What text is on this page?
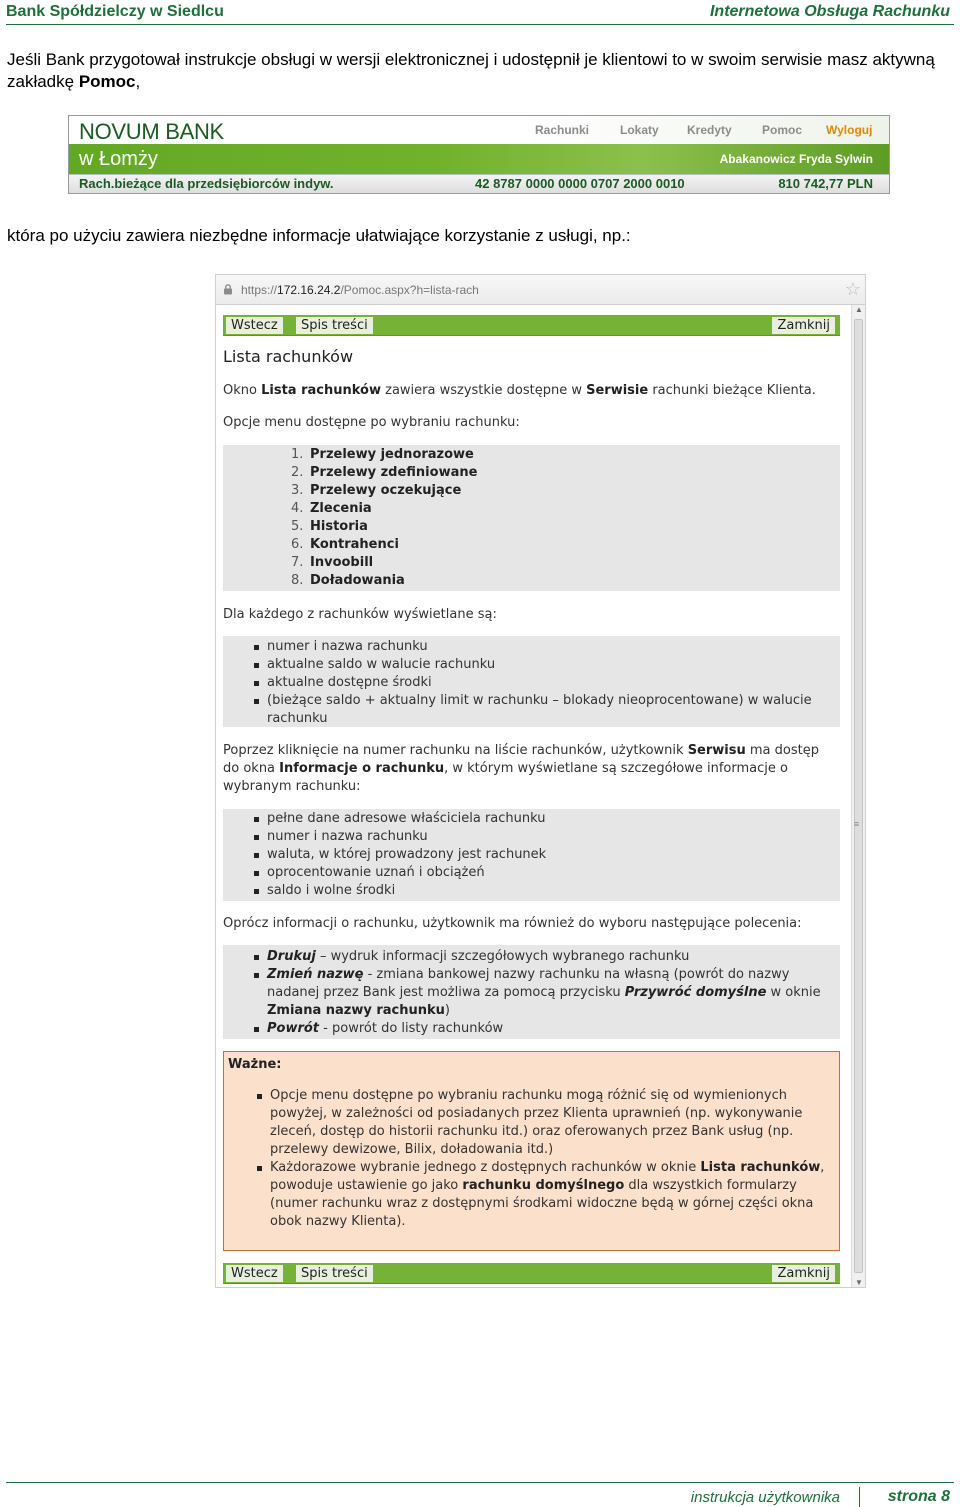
Bank Spółdzielczy w Siedlcu	Internetowa Obsługa Rachunku
Jeśli Bank przygotował instrukcje obsługi w wersji elektronicznej i udostępnił je klientowi to w swoim serwisie masz aktywną zakładkę Pomoc,
NOVUM BANK
w Łomży
Rachunki	Lokaty Kredyty	Pomoc Wyloguj
Abakanowicz Fryda Sylwin
Rach.bieżące dla przedsiębiorców indyw.	42 8787 0000 0000 0707 2000 0010	810 742,77 PLN
która po użyciu zawiera niezbędne informacje ułatwiające korzystanie z usługi, np.:
https://172.16.24.2/Pomoc.aspx?h=lista-rach	☆
▲
≡
▼
Wstecz	Spis treści	Zamknij
Lista rachunków
Okno Lista rachunków zawiera wszystkie dostępne w Serwisie rachunki bieżące Klienta.
Opcje menu dostępne po wybraniu rachunku:
1. Przelewy jednorazowe
2. Przelewy zdefiniowane
3. Przelewy oczekujące
4. Zlecenia
5. Historia
6. Kontrahenci
7. Invoobill
8. Doładowania
Dla każdego z rachunków wyświetlane są:
numer i nazwa rachunku
aktualne saldo w walucie rachunku
aktualne dostępne środki
(bieżące saldo + aktualny limit w rachunku – blokady nieoprocentowane) w walucie rachunku
Poprzez kliknięcie na numer rachunku na liście rachunków, użytkownik Serwisu ma dostęp do okna Informacje o rachunku, w którym wyświetlane są szczegółowe informacje o wybranym rachunku:
pełne dane adresowe właściciela rachunku
numer i nazwa rachunku
waluta, w której prowadzony jest rachunek
oprocentowanie uznań i obciążeń
saldo i wolne środki
Oprócz informacji o rachunku, użytkownik ma również do wyboru następujące polecenia:
Drukuj – wydruk informacji szczegółowych wybranego rachunku
Zmień nazwę - zmiana bankowej nazwy rachunku na własną (powrót do nazwy nadanej przez Bank jest możliwa za pomocą przycisku Przywróć domyślne w oknie Zmiana nazwy rachunku)
Powrót - powrót do listy rachunków
Ważne:
Opcje menu dostępne po wybraniu rachunku mogą różnić się od wymienionych powyżej, w zależności od posiadanych przez Klienta uprawnień (np. wykonywanie zleceń, dostęp do historii rachunku itd.) oraz oferowanych przez Bank usług (np. przelewy dewizowe, Bilix, doładowania itd.)
Każdorazowe wybranie jednego z dostępnych rachunków w oknie Lista rachunków, powoduje ustawienie go jako rachunku domyślnego dla wszystkich formularzy (numer rachunku wraz z dostępnymi środkami widoczne będą w górnej części okna obok nazwy Klienta).
Wstecz	Spis treści	Zamknij
instrukcja użytkownika	strona 8
